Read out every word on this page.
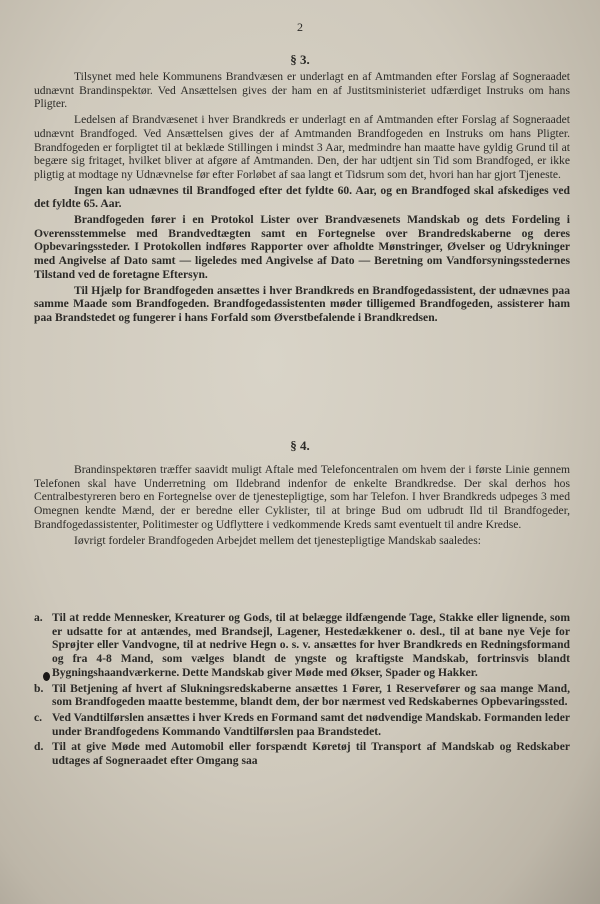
2
§ 3.

Tilsynet med hele Kommunens Brandvæsen er underlagt en af Amtmanden efter Forslag af Sogneraadet udnævnt Brandinspektør. Ved Ansættelsen gives der ham en af Justitsministeriet udfærdiget Instruks om hans Pligter.

Ledelsen af Brandvæsenet i hver Brandkreds er underlagt en af Amtmanden efter Forslag af Sogneraadet udnævnt Brandfoged. Ved Ansættelsen gives der af Amtmanden Brandfogeden en Instruks om hans Pligter. Brandfogeden er forpligtet til at beklæde Stillingen i mindst 3 Aar, medmindre han maatte have gyldig Grund til at begære sig fritaget, hvilket bliver at afgøre af Amtmanden. Den, der har udtjent sin Tid som Brandfoged, er ikke pligtig at modtage ny Udnævnelse før efter Forløbet af saa langt et Tidsrum som det, hvori han har gjort Tjeneste.

Ingen kan udnævnes til Brandfoged efter det fyldte 60. Aar, og en Brandfoged skal afskediges ved det fyldte 65. Aar.

Brandfogeden fører i en Protokol Lister over Brandvæsenets Mandskab og dets Fordeling i Overensstemmelse med Brandvedtægten samt en Fortegnelse over Brandredskaberne og deres Opbevaringssteder. I Protokollen indføres Rapporter over afholdte Mønstringer, Øvelser og Udrykninger med Angivelse af Dato samt — ligeledes med Angivelse af Dato — Beretning om Vandforsyningsstedernes Tilstand ved de foretagne Eftersyn.

Til Hjælp for Brandfogeden ansættes i hver Brandkreds en Brandfogedassistent, der udnævnes paa samme Maade som Brandfogeden. Brandfogedassistenten møder tilligemed Brandfogeden, assisterer ham paa Brandstedet og fungerer i hans Forfald som Øverstbefalende i Brandkredsen.

§ 4.

Brandinspektøren træffer saavidt muligt Aftale med Telefoncentralen om hvem der i første Linie gennem Telefonen skal have Underretning om Ildebrand indenfor de enkelte Brandkredse. Der skal derhos hos Centralbestyreren bero en Fortegnelse over de tjenestepligtige, som har Telefon. I hver Brandkreds udpeges 3 med Omegnen kendte Mænd, der er beredne eller Cyklister, til at bringe Bud om udbrudt Ild til Brandfogeder, Brandfogedassistenter, Politimester og Udflyttere i vedkommende Kreds samt eventuelt til andre Kredse.

Iøvrigt fordeler Brandfogeden Arbejdet mellem det tjenestepligtige Mandskab saaledes:

a. Til at redde Mennesker, Kreaturer og Gods, til at belægge ildfængende Tage, Stakke eller lignende, som er udsatte for at antændes, med Brandsejl, Lagener, Hestedækkener o. desl., til at bane nye Veje for Sprøjter eller Vandvogne, til at nedrive Hegn o. s. v. ansættes for hver Brandkreds en Redningsformand og fra 4-8 Mand, som vælges blandt de yngste og kraftigste Mandskab, fortrinsvis blandt Bygningshaandværkerne. Dette Mandskab giver Møde med Økser, Spader og Hakker.
b. Til Betjening af hvert af Slukningsredskaberne ansættes 1 Fører, 1 Reservefører og saa mange Mand, som Brandfogeden maatte bestemme, blandt dem, der bor nærmest ved Redskabernes Opbevaringssted.
c. Ved Vandtilførslen ansættes i hver Kreds en Formand samt det nødvendige Mandskab. Formanden leder under Brandfogedens Kommando Vandtilførslen paa Brandstedet.
d. Til at give Møde med Automobil eller forspændt Køretøj til Transport af Mandskab og Redskaber udtages af Sogneraadet efter Omgang saa
